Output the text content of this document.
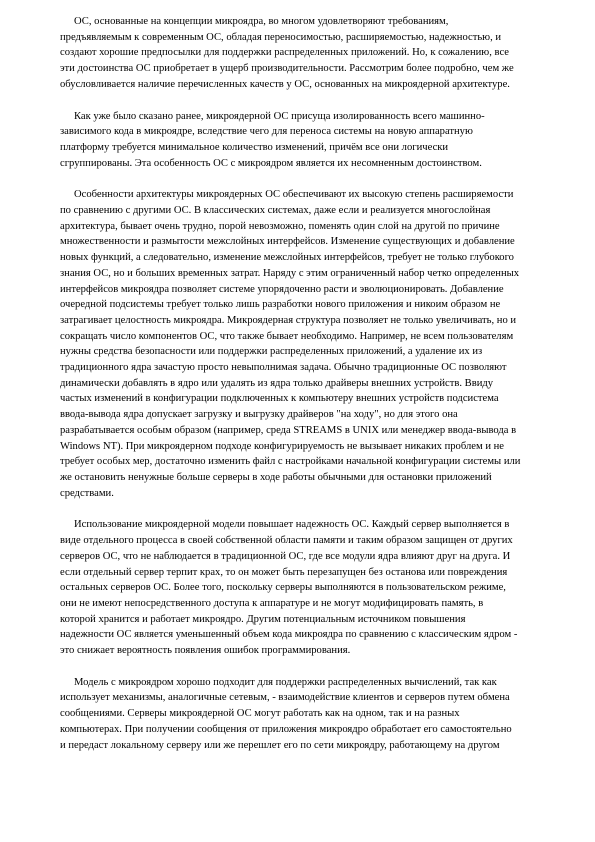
ОС, основанные на концепции микроядра, во многом удовлетворяют требованиям,
предъявляемым к современным ОС, обладая переносимостью, расширяемостью, надежностью, и
создают хорошие предпосылки для поддержки распределенных приложений. Но, к сожалению, все
эти достоинства ОС приобретает в ущерб производительности. Рассмотрим более подробно, чем же
обусловливается наличие перечисленных качеств у ОС, основанных на микроядерной архитектуре.

Как уже было сказано ранее, микроядерной ОС присуща изолированность всего машинно-
зависимого кода в микроядре, вследствие чего для переноса системы на новую аппаратную
платформу требуется минимальное количество изменений, причём все они логически
сгруппированы. Эта особенность ОС с микроядром является их несомненным достоинством.

Особенности архитектуры микроядерных ОС обеспечивают их высокую степень расширяемости
по сравнению с другими ОС. В классических системах, даже если и реализуется многослойная
архитектура, бывает очень трудно, порой невозможно, поменять один слой на другой по причине
множественности и размытости межслойных интерфейсов. Изменение существующих и добавление
новых функций, а следовательно, изменение межслойных интерфейсов, требует не только глубокого
знания ОС, но и больших временных затрат. Наряду с этим ограниченный набор четко определенных
интерфейсов микроядра позволяет системе упорядоченно расти и эволюционировать. Добавление
очередной подсистемы требует только лишь разработки нового приложения и никоим образом не
затрагивает целостность микроядра. Микроядерная структура позволяет не только увеличивать, но и
сокращать число компонентов ОС, что также бывает необходимо. Например, не всем пользователям
нужны средства безопасности или поддержки распределенных приложений, а удаление их из
традиционного ядра зачастую просто невыполнимая задача. Обычно традиционные ОС позволяют
динамически добавлять в ядро или удалять из ядра только драйверы внешних устройств. Ввиду
частых изменений в конфигурации подключенных к компьютеру внешних устройств подсистема
ввода-вывода ядра допускает загрузку и выгрузку драйверов "на ходу", но для этого она
разрабатывается особым образом (например, среда STREAMS в UNIX или менеджер ввода-вывода в
Windows NT). При микроядерном подходе конфигурируемость не вызывает никаких проблем и не
требует особых мер, достаточно изменить файл с настройками начальной конфигурации системы или
же остановить ненужные больше серверы в ходе работы обычными для остановки приложений
средствами.

Использование микроядерной модели повышает надежность ОС. Каждый сервер выполняется в
виде отдельного процесса в своей собственной области памяти и таким образом защищен от других
серверов ОС, что не наблюдается в традиционной ОС, где все модули ядра влияют друг на друга. И
если отдельный сервер терпит крах, то он может быть перезапущен без останова или повреждения
остальных серверов ОС. Более того, поскольку серверы выполняются в пользовательском режиме,
они не имеют непосредственного доступа к аппаратуре и не могут модифицировать память, в
которой хранится и работает микроядро. Другим потенциальным источником повышения
надежности ОС является уменьшенный объем кода микроядра по сравнению с классическим ядром -
это снижает вероятность появления ошибок программирования.

Модель с микроядром хорошо подходит для поддержки распределенных вычислений, так как
использует механизмы, аналогичные сетевым, - взаимодействие клиентов и серверов путем обмена
сообщениями. Серверы микроядерной ОС могут работать как на одном, так и на разных
компьютерах. При получении сообщения от приложения микроядро обработает его самостоятельно
и передаст локальному серверу или же перешлет его по сети микроядру, работающему на другом
